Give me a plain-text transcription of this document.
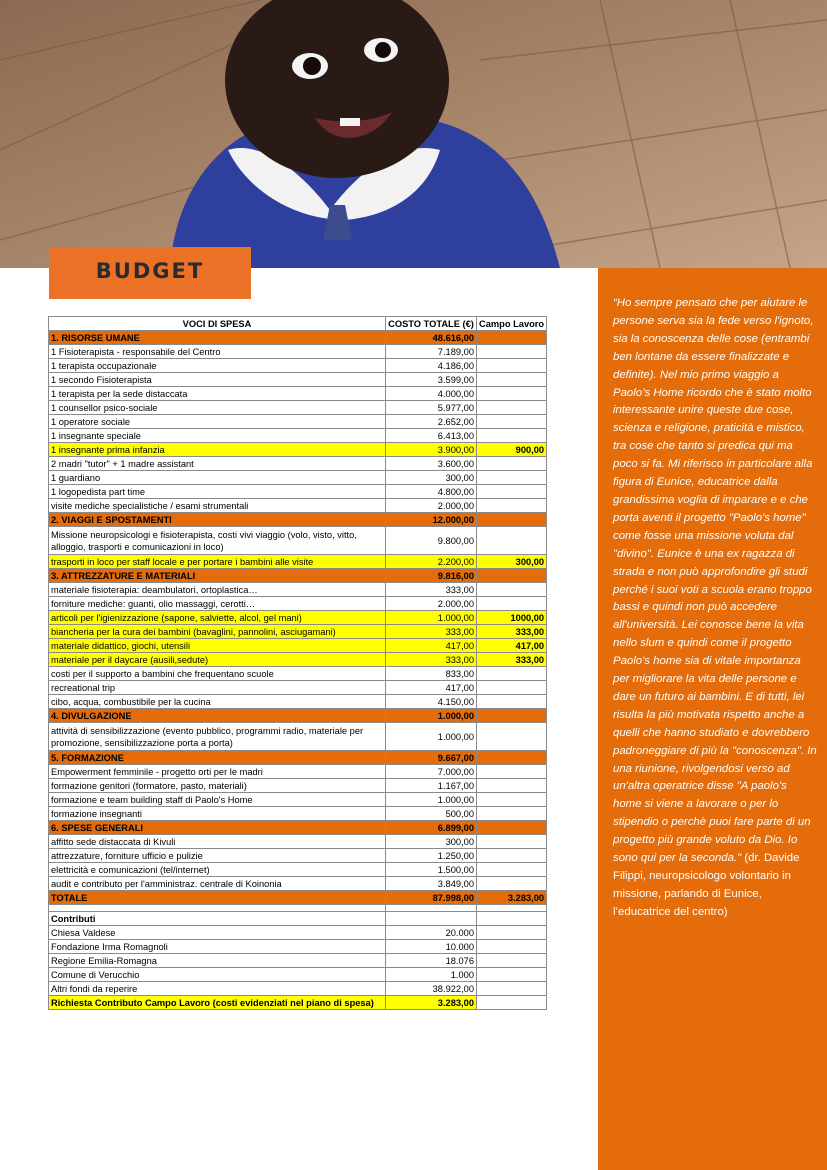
BUDGET
VOCI DI SPESA	COSTO TOTALE (€)	Campo Lavoro
1. RISORSE UMANE	48.616,00	
1 Fisioterapista - responsabile del Centro	7.189,00	
1 terapista occupazionale	4.186,00	
1 secondo Fisioterapista	3.599,00	
1 terapista per la sede distaccata	4.000,00	
1 counsellor psico-sociale	5.977,00	
1 operatore sociale	2.652,00	
1 insegnante speciale	6.413,00	
1 insegnante prima infanzia	3.900,00	900,00
2 madri "tutor" + 1 madre assistant	3.600,00	
1 guardiano	300,00	
1 logopedista part time	4.800,00	
visite mediche specialistiche / esami strumentali	2.000,00	
2. VIAGGI E SPOSTAMENTI	12.000,00	
Missione neuropsicologi e fisioterapista, costi vivi viaggio (volo, visto, vitto, alloggio, trasporti e comunicazioni in loco)	9.800,00	
trasporti in loco per staff locale e per portare i bambini alle visite	2.200,00	300,00
3. ATTREZZATURE E MATERIALI	9.816,00	
materiale fisioterapia: deambulatori, ortoplastica…	333,00	
forniture mediche: guanti, olio massaggi, cerotti…	2.000,00	
articoli per l'igienizzazione (sapone, salviette, alcol, gel mani)	1.000,00	1000,00
biancheria per la cura dei bambini (bavaglini, pannolini, asciugamani)	333,00	333,00
materiale didattico, giochi, utensili	417,00	417,00
materiale per il daycare (ausili,sedute)	333,00	333,00
costi per il supporto a bambini che frequentano scuole	833,00	
recreational trip	417,00	
cibo, acqua, combustibile per la cucina	4.150,00	
4. DIVULGAZIONE	1.000,00	
attività di sensibilizzazione (evento pubblico, programmi radio, materiale per promozione, sensibilizzazione porta a porta)	1.000,00	
5. FORMAZIONE	9.667,00	
Empowerment femminile - progetto orti per le madri	7.000,00	
formazione genitori (formatore, pasto, materiali)	1.167,00	
formazione e team building staff di Paolo's Home	1.000,00	
formazione insegnanti	500,00	
6. SPESE GENERALI	6.899,00	
affitto sede distaccata di Kivuli	300,00	
attrezzature, forniture ufficio e pulizie	1.250,00	
elettricità e comunicazioni (tel/internet)	1.500,00	
audit e contributo per l'amministraz. centrale di Koinonia	3.849,00	
TOTALE	87.998,00	3.283,00

Contributi		
Chiesa Valdese	20.000	
Fondazione Irma Romagnoli	10.000	
Regione Emilia-Romagna	18.076	
Comune di Verucchio	1.000	
Altri fondi da reperire	38.922,00	
Richiesta Contributo Campo Lavoro (costi evidenziati nel piano di spesa)	3.283,00	
“Ho sempre pensato che per aiutare le persone serva sia la fede verso l'ignoto, sia la conoscenza delle cose (entrambi ben lontane da essere finalizzate e definite). Nel mio primo viaggio a Paolo’s Home ricordo che è stato molto interessante unire queste due cose, scienza e religione, praticità e mistico, tra cose che tanto si predica qui ma poco si fa. Mi riferisco in particolare alla figura di Eunice, educatrice dalla grandissima voglia di imparare e e che porta aventi il progetto "Paolo's home" come fosse una missione voluta dal "divino". Eunice è una ex ragazza di strada e non può approfondire gli studi perché i suoi voti a scuola erano troppo bassi e quindi non può accedere all'università. Lei conosce bene la vita nello slum e quindi come il progetto Paolo's home sia di vitale importanza per migliorare la vita delle persone e dare un futuro ai bambini. E di tutti, lei risulta la più motivata rispetto anche a quelli che hanno studiato e dovrebbero padroneggiare di più la "conoscenza". In una riunione, rivolgendosi verso ad un'altra operatrice disse "A paolo's home si viene a lavorare o per lo stipendio o perchè puoi fare parte di un progetto più grande voluto da Dio. Io sono qui per la seconda." (dr. Davide Filippi, neuropsicologo volontario in missione, parlando di Eunice, l’educatrice del centro)
